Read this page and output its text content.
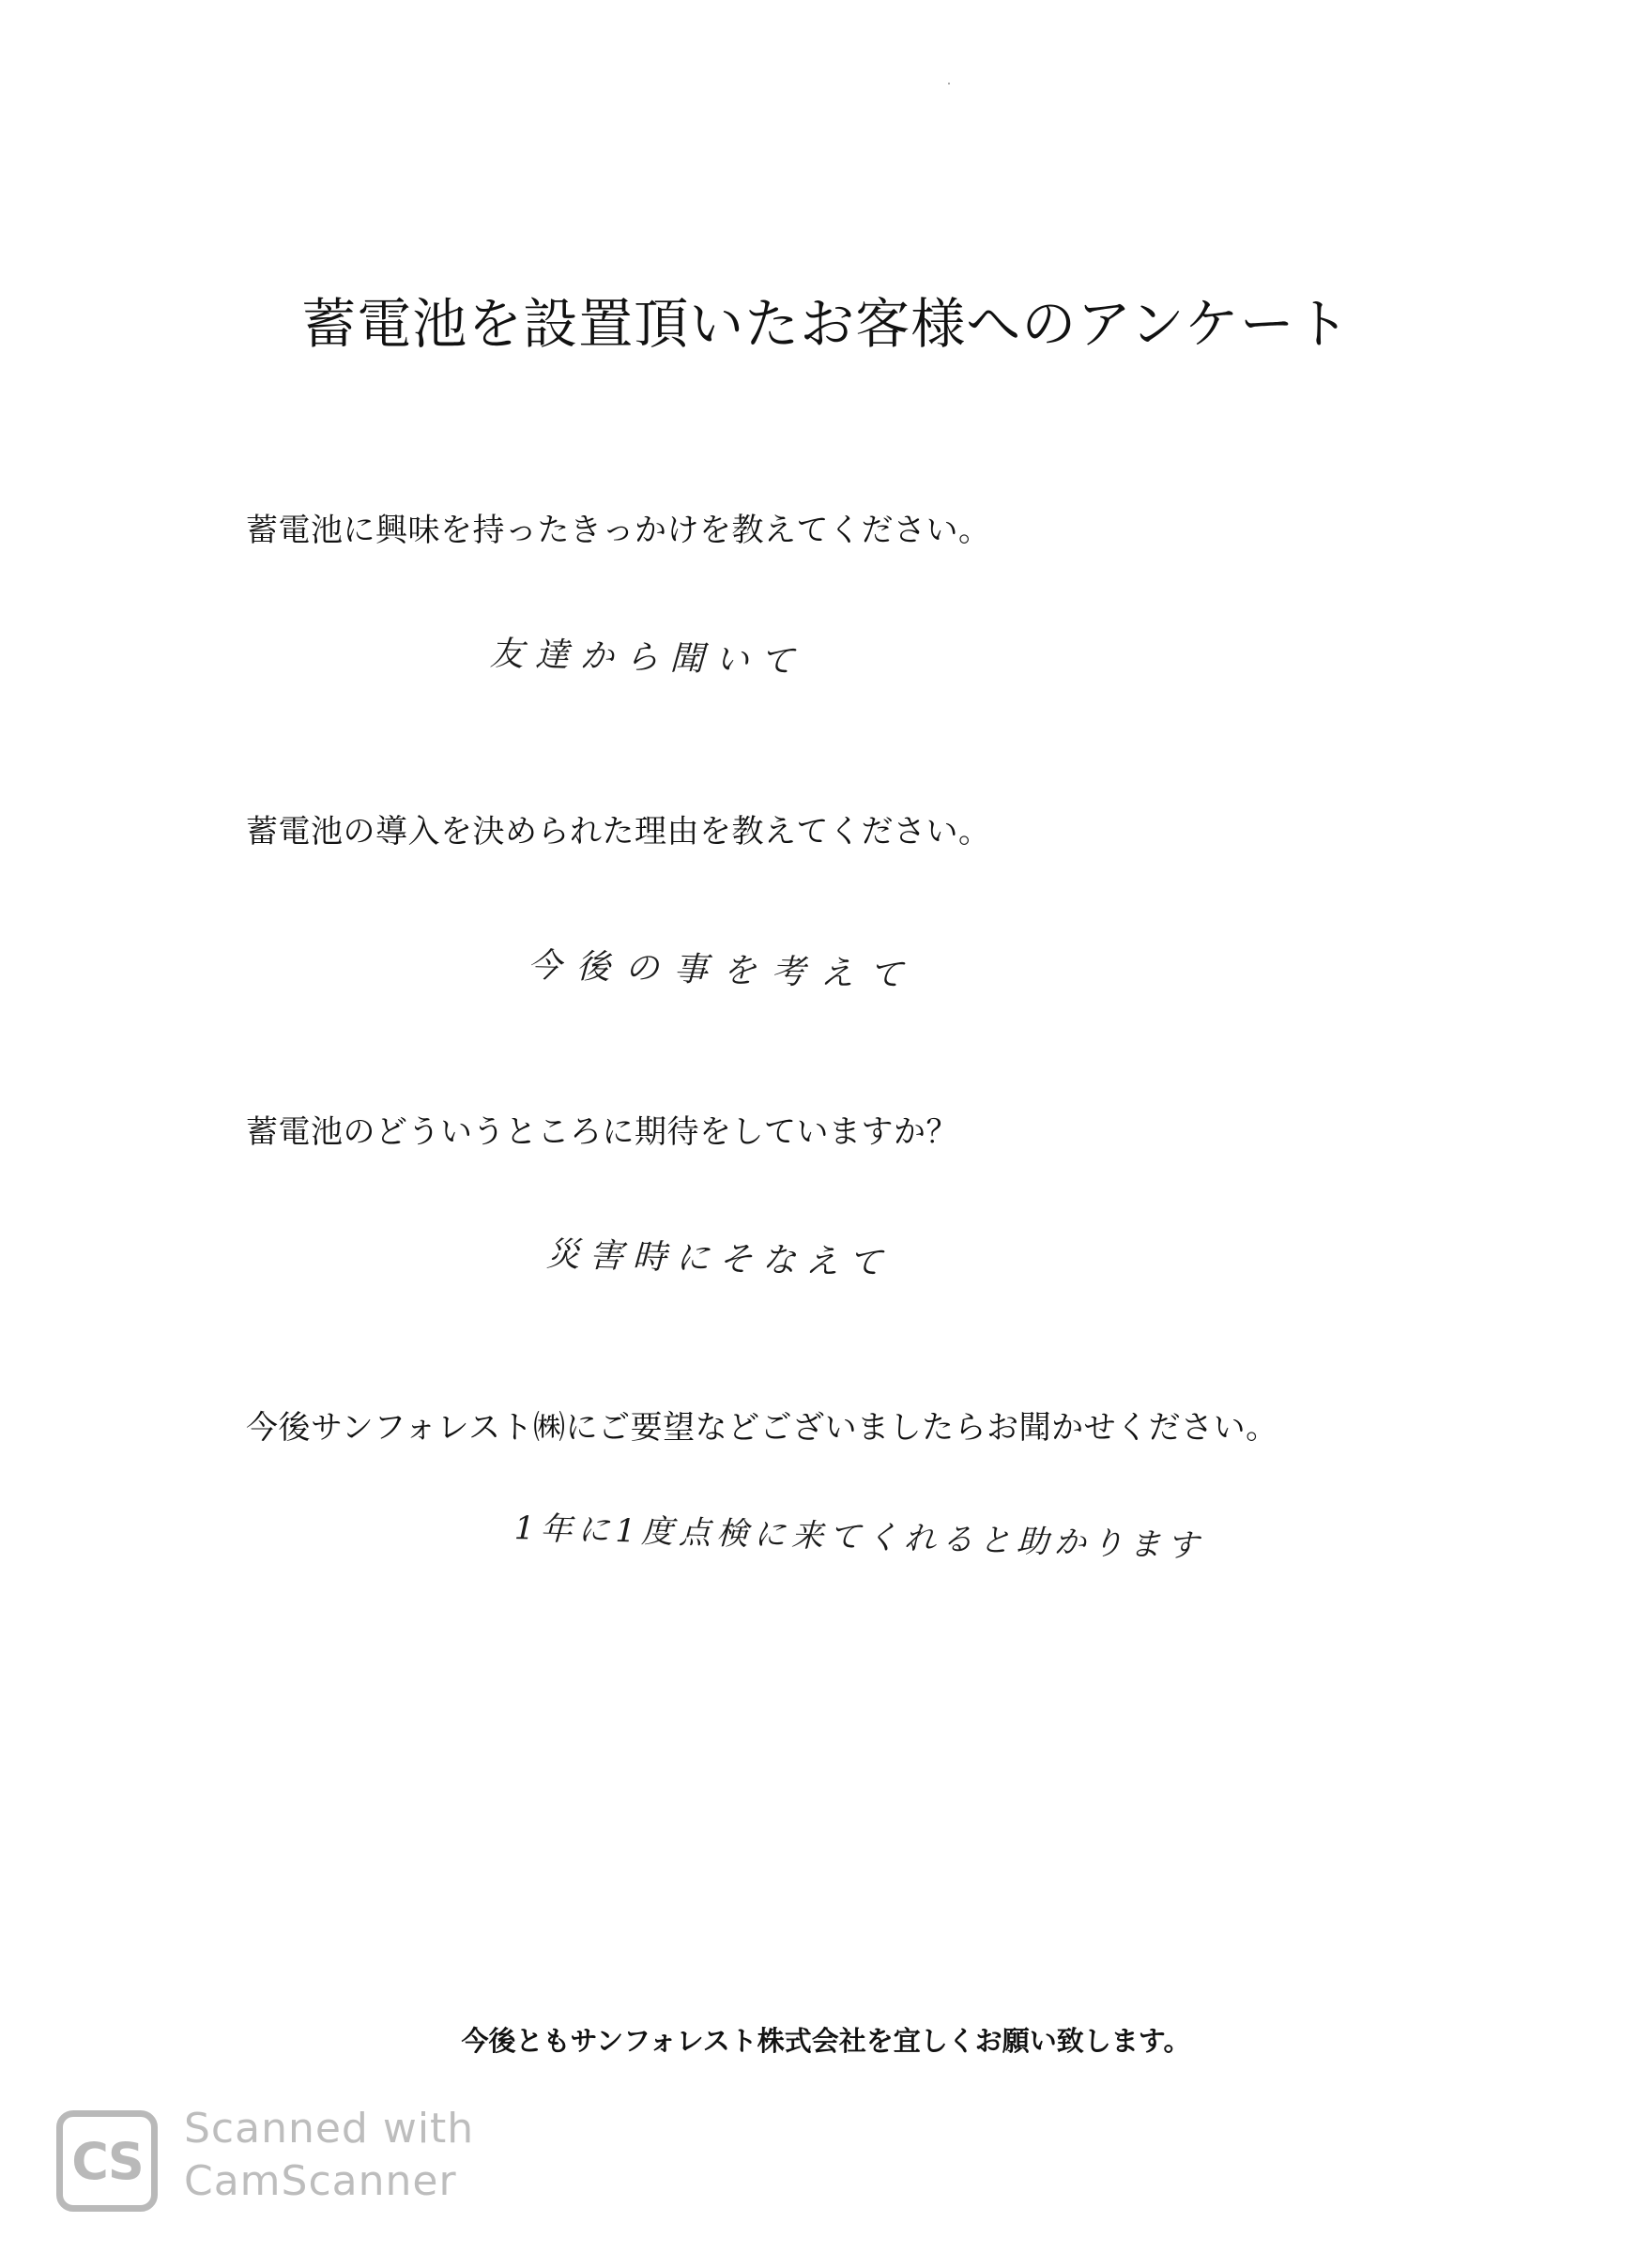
蓄電池を設置頂いたお客様へのアンケート
蓄電池に興味を持ったきっかけを教えてください。
友達から聞いて
蓄電池の導入を決められた理由を教えてください。
今後の事を考えて
蓄電池のどういうところに期待をしていますか？
災害時にそなえて
今後サンフォレスト㈱にご要望などございましたらお聞かせください。
1年に1度点検に来てくれると助かります
今後ともサンフォレスト株式会社を宜しくお願い致します。
CS
Scanned with
CamScanner
